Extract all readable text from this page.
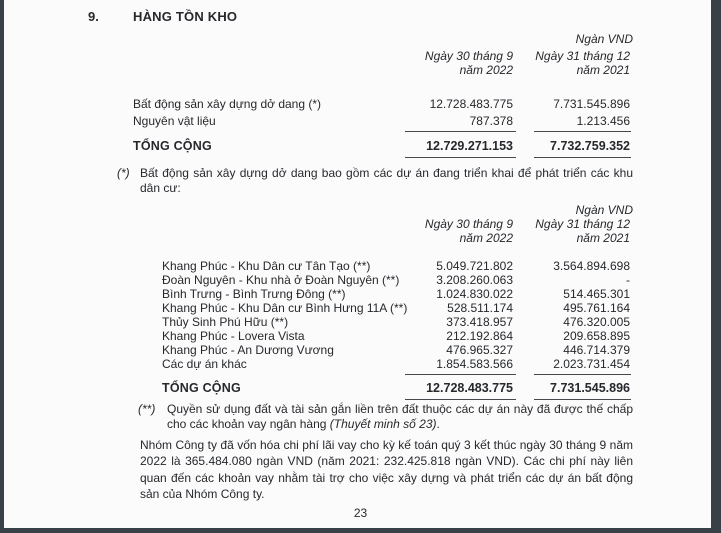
9.	HÀNG TỒN KHO
Ngàn VND
Ngày 30 tháng 9
năm 2022
Ngày 31 tháng 12
năm 2021
Bất động sản xây dựng dở dang (*)	12.728.483.775	7.731.545.896
Nguyên vật liệu	787.378	1.213.456
TỔNG CỘNG	12.729.271.153	7.732.759.352
(*) Bất động sản xây dựng dở dang bao gồm các dự án đang triển khai để phát triển các khu dân cư:
Ngàn VND
Ngày 30 tháng 9
năm 2022
Ngày 31 tháng 12
năm 2021
Khang Phúc - Khu Dân cư Tân Tạo (**)	5.049.721.802	3.564.894.698
Đoàn Nguyên - Khu nhà ở Đoàn Nguyên (**)	3.208.260.063	-
Bình Trưng - Bình Trưng Đông (**)	1.024.830.022	514.465.301
Khang Phúc - Khu Dân cư Bình Hưng 11A (**)	528.511.174	495.761.164
Thủy Sinh Phú Hữu (**)	373.418.957	476.320.005
Khang Phúc - Lovera Vista	212.192.864	209.658.895
Khang Phúc - An Dương Vương	476.965.327	446.714.379
Các dự án khác	1.854.583.566	2.023.731.454
TỔNG CỘNG	12.728.483.775	7.731.545.896
(**) Quyền sử dụng đất và tài sản gắn liền trên đất thuộc các dự án này đã được thế chấp cho các khoản vay ngân hàng (Thuyết minh số 23).
Nhóm Công ty đã vốn hóa chi phí lãi vay cho kỳ kế toán quý 3 kết thúc ngày 30 tháng 9 năm 2022 là 365.484.080 ngàn VND (năm 2021: 232.425.818 ngàn VND). Các chi phí này liên quan đến các khoản vay nhằm tài trợ cho việc xây dựng và phát triển các dự án bất động sản của Nhóm Công ty.
23
